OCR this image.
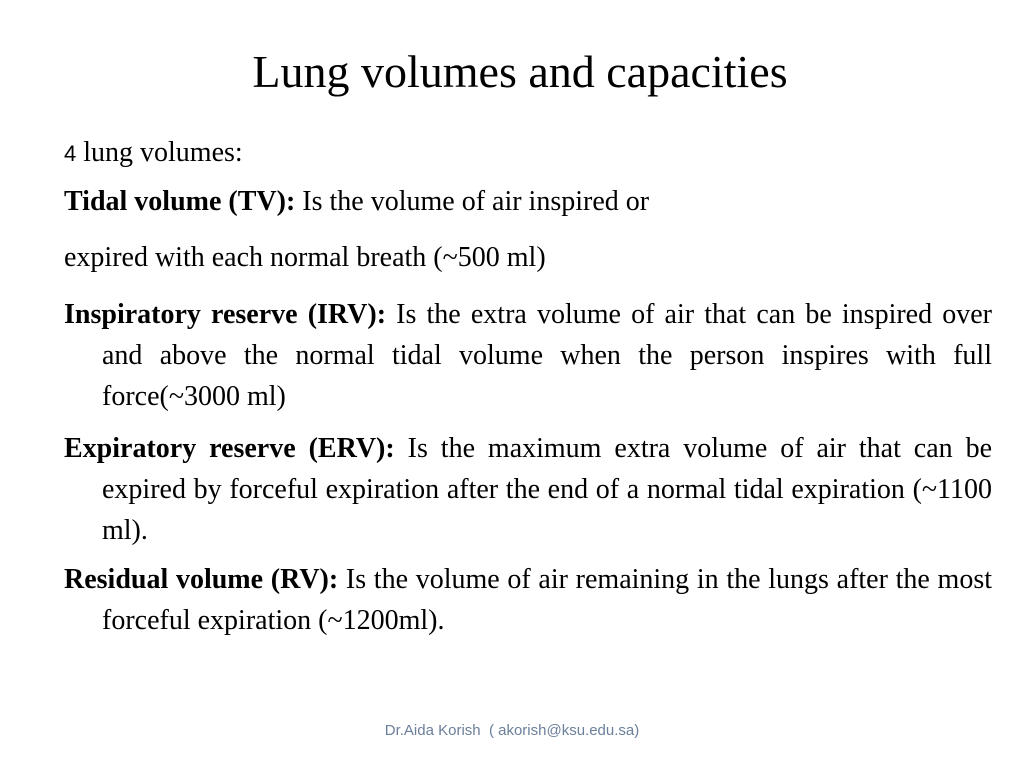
Lung volumes and capacities
4 lung volumes:
Tidal volume (TV): Is the volume of air inspired or
expired with each normal breath (~500 ml)

Inspiratory reserve (IRV): Is the extra volume of air that can be inspired over and above the normal tidal volume when the person inspires with full force(~3000 ml)

Expiratory reserve (ERV): Is the maximum extra volume of air that can be expired by forceful expiration after the end of a normal tidal expiration (~1100 ml).

Residual volume (RV): Is the volume of air remaining in the lungs after the most forceful expiration (~1200ml).

Dr.Aida Korish  ( akorish@ksu.edu.sa)
